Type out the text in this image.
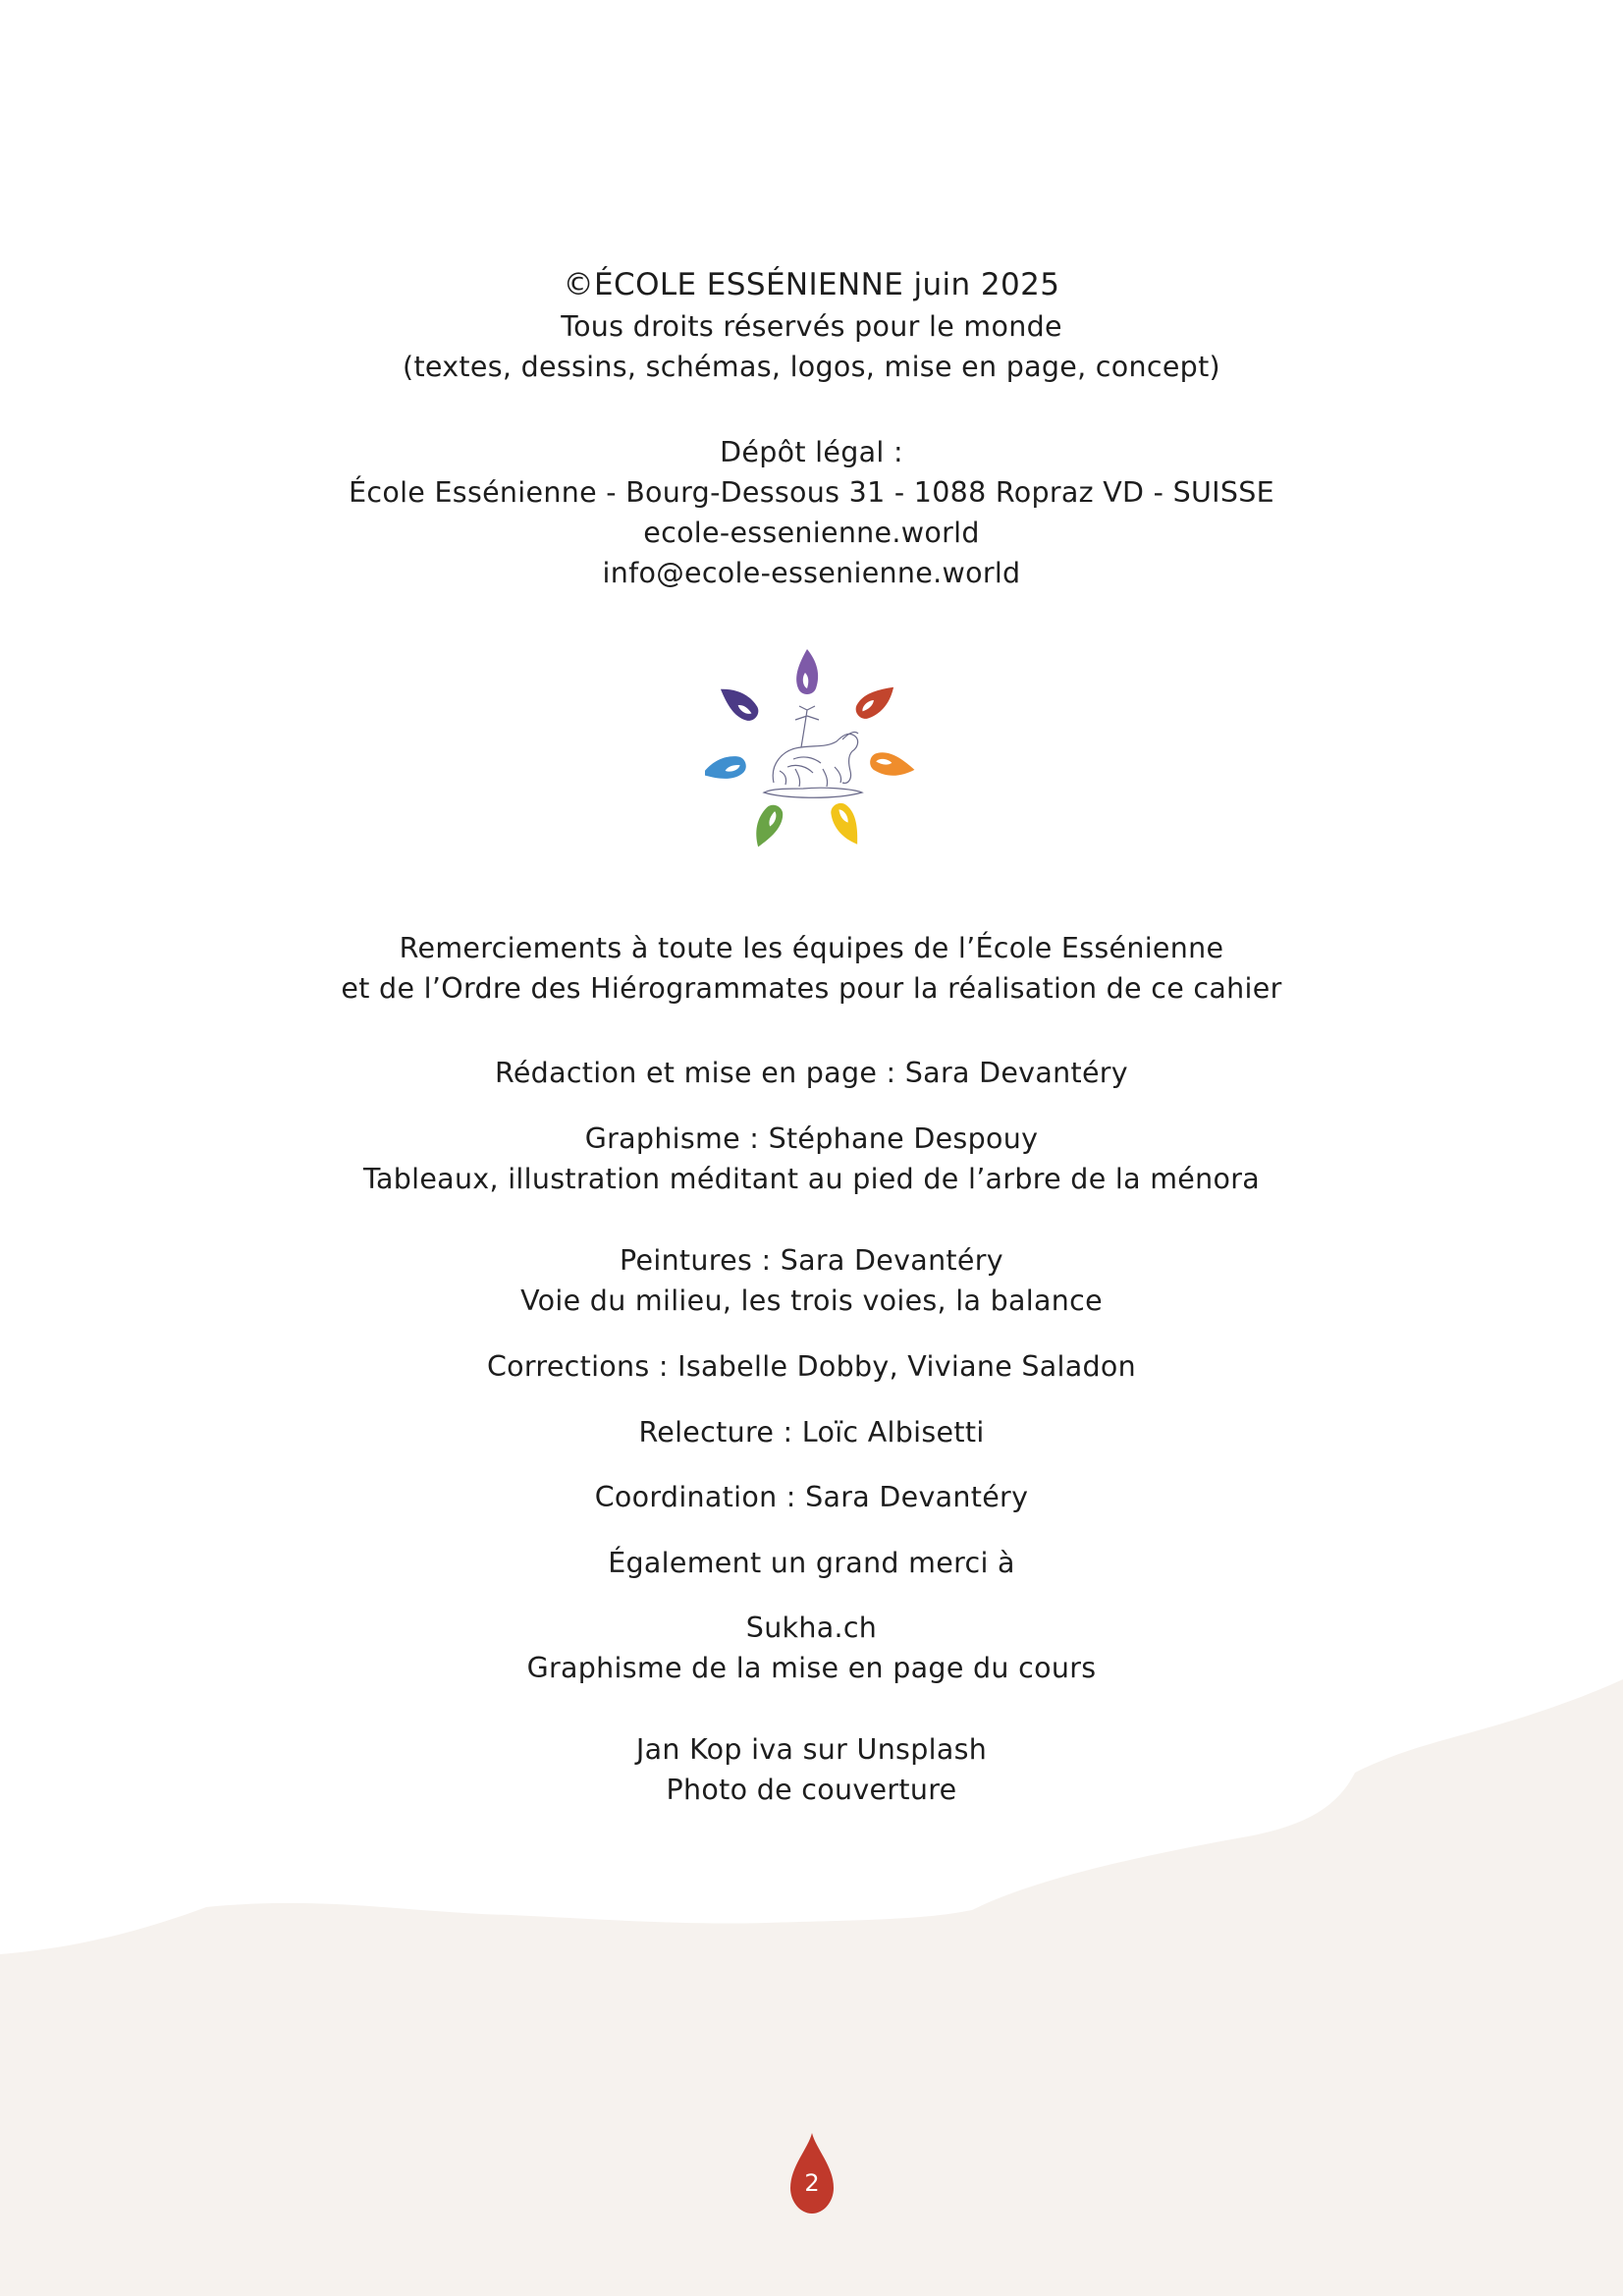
©ÉCOLE ESSÉNIENNE juin 2025
Tous droits réservés pour le monde
(textes, dessins, schémas, logos, mise en page, concept)
Dépôt légal :
École Essénienne - Bourg-Dessous 31 - 1088 Ropraz VD - SUISSE
ecole-essenienne.world
info@ecole-essenienne.world
Remerciements à toute les équipes de l’École Essénienne
et de l’Ordre des Hiérogrammates pour la réalisation de ce cahier
Rédaction et mise en page : Sara Devantéry
Graphisme : Stéphane Despouy
Tableaux, illustration méditant au pied de l’arbre de la ménora
Peintures : Sara Devantéry
Voie du milieu, les trois voies, la balance
Corrections : Isabelle Dobby, Viviane Saladon
Relecture : Loïc Albisetti
Coordination : Sara Devantéry
Également un grand merci à
Sukha.ch
Graphisme de la mise en page du cours
Jan Kop iva sur Unsplash
Photo de couverture
2
